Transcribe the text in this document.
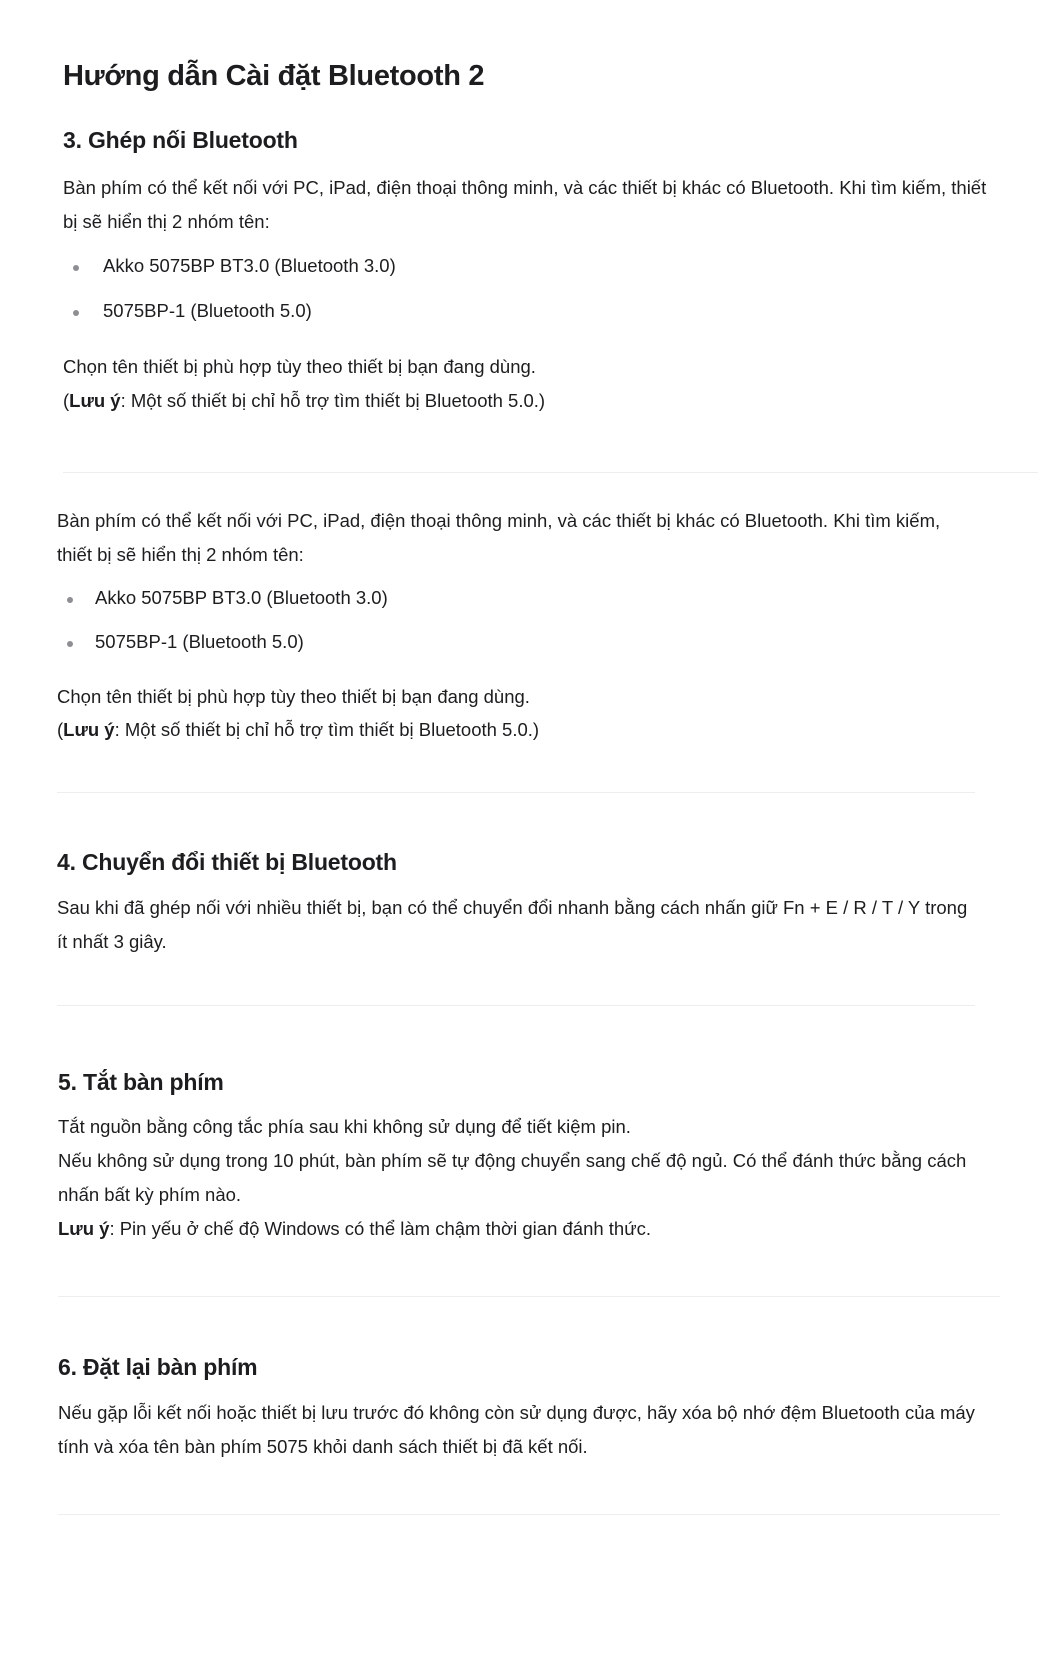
Hướng dẫn Cài đặt Bluetooth 2
3. Ghép nối Bluetooth

Bàn phím có thể kết nối với PC, iPad, điện thoại thông minh, và các thiết bị khác có Bluetooth. Khi tìm kiếm, thiết bị sẽ hiển thị 2 nhóm tên:

Akko 5075BP BT3.0 (Bluetooth 3.0)
5075BP-1 (Bluetooth 5.0)

Chọn tên thiết bị phù hợp tùy theo thiết bị bạn đang dùng.

(Lưu ý: Một số thiết bị chỉ hỗ trợ tìm thiết bị Bluetooth 5.0.)

Bàn phím có thể kết nối với PC, iPad, điện thoại thông minh, và các thiết bị khác có Bluetooth. Khi tìm kiếm, thiết bị sẽ hiển thị 2 nhóm tên:

Akko 5075BP BT3.0 (Bluetooth 3.0)
5075BP-1 (Bluetooth 5.0)

Chọn tên thiết bị phù hợp tùy theo thiết bị bạn đang dùng.

(Lưu ý: Một số thiết bị chỉ hỗ trợ tìm thiết bị Bluetooth 5.0.)

4. Chuyển đổi thiết bị Bluetooth

Sau khi đã ghép nối với nhiều thiết bị, bạn có thể chuyển đổi nhanh bằng cách nhấn giữ Fn + E / R / T / Y trong ít nhất 3 giây.

5. Tắt bàn phím

Tắt nguồn bằng công tắc phía sau khi không sử dụng để tiết kiệm pin.

Nếu không sử dụng trong 10 phút, bàn phím sẽ tự động chuyển sang chế độ ngủ. Có thể đánh thức bằng cách nhấn bất kỳ phím nào.

Lưu ý: Pin yếu ở chế độ Windows có thể làm chậm thời gian đánh thức.

6. Đặt lại bàn phím

Nếu gặp lỗi kết nối hoặc thiết bị lưu trước đó không còn sử dụng được, hãy xóa bộ nhớ đệm Bluetooth của máy tính và xóa tên bàn phím 5075 khỏi danh sách thiết bị đã kết nối.
